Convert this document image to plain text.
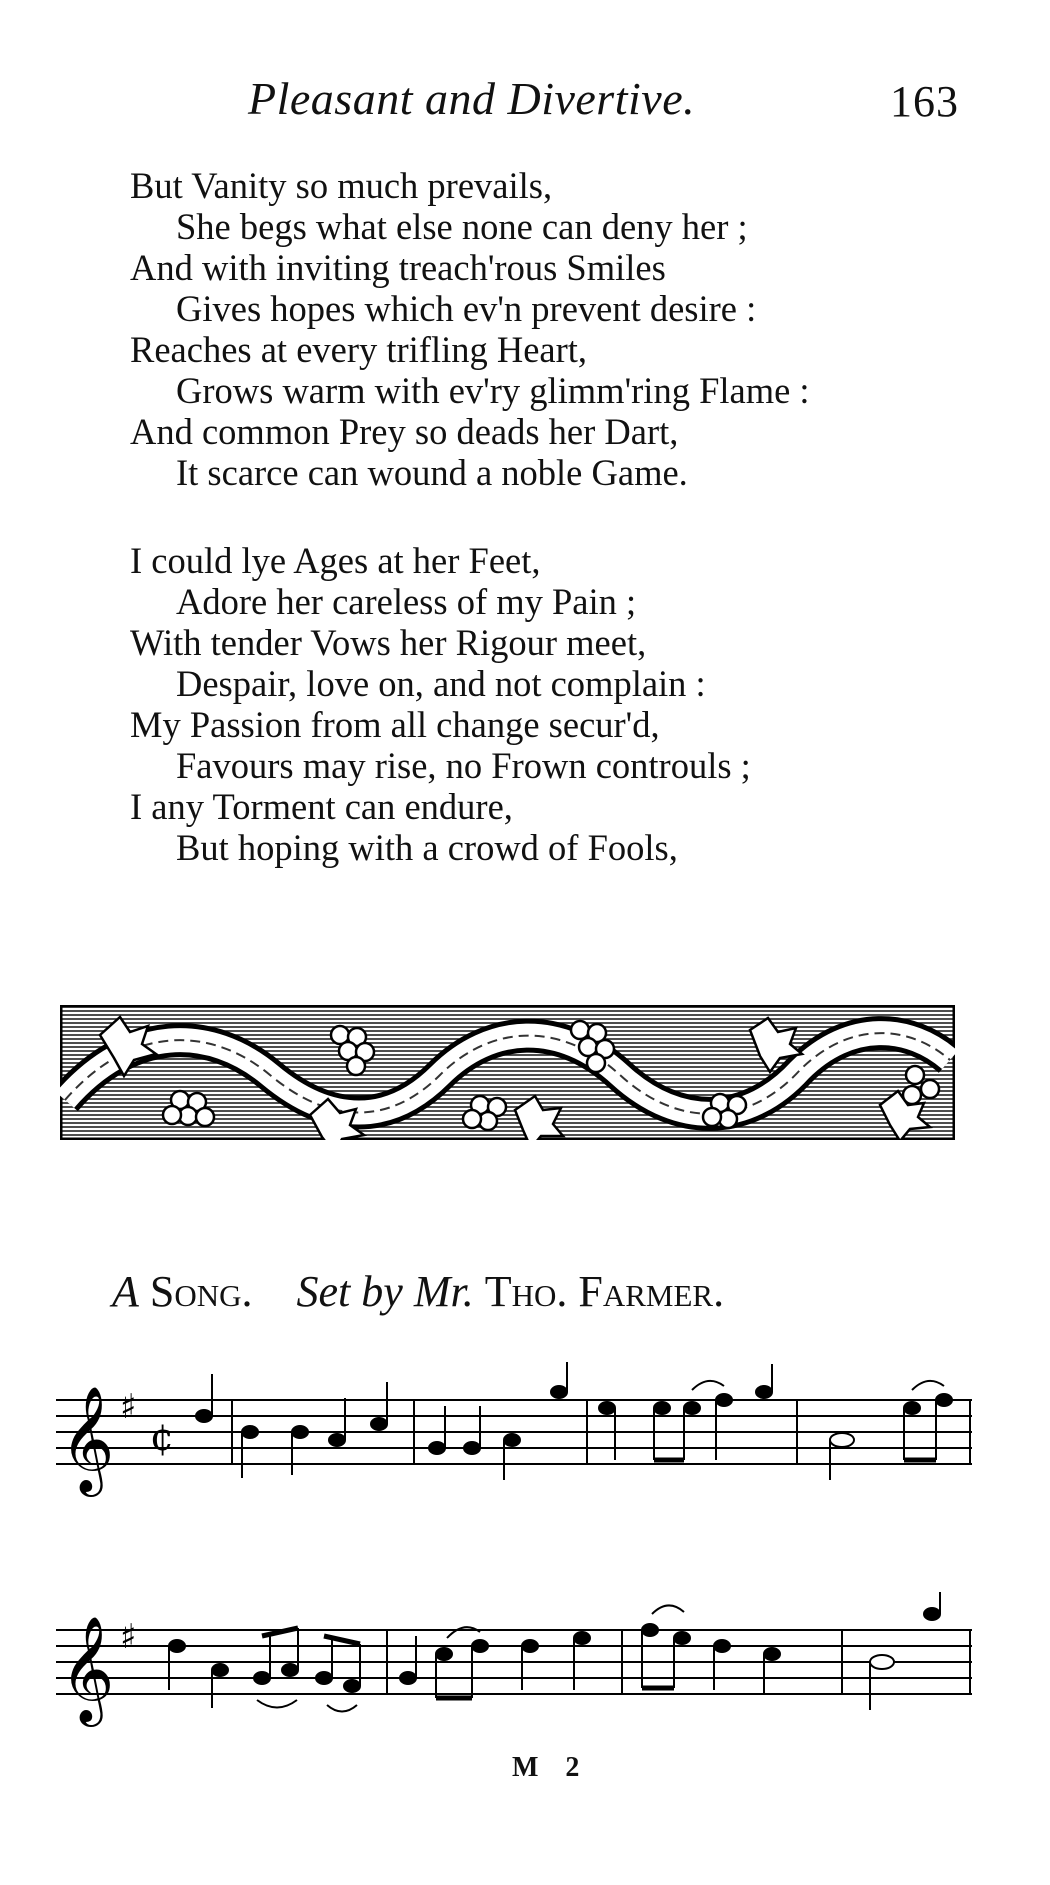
Pleasant and Divertive.	163
But Vanity so much prevails,
She begs what else none can deny her ;
And with inviting treach'rous Smiles
Gives hopes which ev'n prevent desire :
Reaches at every trifling Heart,
Grows warm with ev'ry glimm'ring Flame :
And common Prey so deads her Dart,
It scarce can wound a noble Game.
I could lye Ages at her Feet,
Adore her careless of my Pain ;
With tender Vows her Rigour meet,
Despair, love on, and not complain :
My Passion from all change secur'd,
Favours may rise, no Frown controuls ;
I any Torment can endure,
But hoping with a crowd of Fools,
A Song. Set by Mr. Tho. Farmer.
𝄞 ♯
¢
𝄞 ♯
M 2
